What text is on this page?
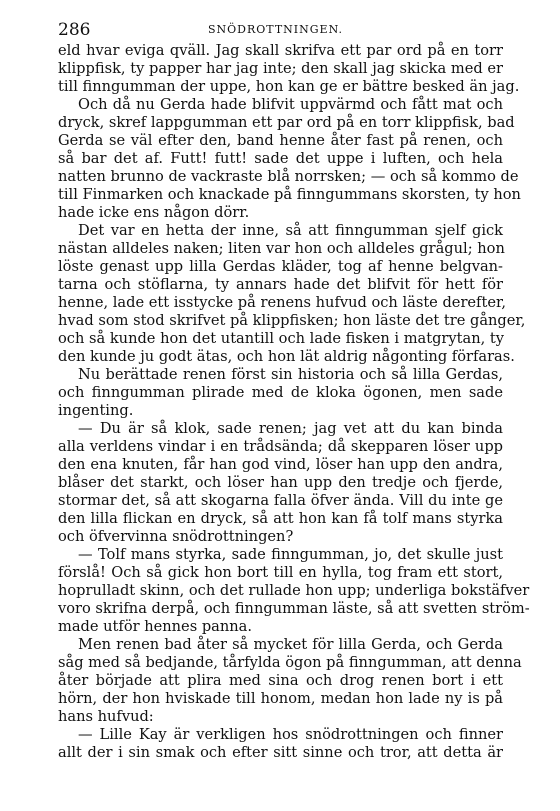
286	SNÖDROTTNINGEN.
eld hvar eviga qväll. Jag skall skrifva ett par ord på en torr
klippfisk, ty papper har jag inte; den skall jag skicka med er
till finngumman der uppe, hon kan ge er bättre besked än jag.
Och då nu Gerda hade blifvit uppvärmd och fått mat och
dryck, skref lappgumman ett par ord på en torr klippfisk, bad
Gerda se väl efter den, band henne åter fast på renen, och
så bar det af. Futt! futt! sade det uppe i luften, och hela
natten brunno de vackraste blå norrsken; — och så kommo de
till Finmarken och knackade på finngummans skorsten, ty hon
hade icke ens någon dörr.
Det var en hetta der inne, så att finngumman sjelf gick
nästan alldeles naken; liten var hon och alldeles grågul; hon
löste genast upp lilla Gerdas kläder, tog af henne belgvan-
tarna och stöflarna, ty annars hade det blifvit för hett för
henne, lade ett isstycke på renens hufvud och läste derefter,
hvad som stod skrifvet på klippfisken; hon läste det tre gånger,
och så kunde hon det utantill och lade fisken i matgrytan, ty
den kunde ju godt ätas, och hon lät aldrig någonting förfaras.
Nu berättade renen först sin historia och så lilla Gerdas,
och finngumman plirade med de kloka ögonen, men sade
ingenting.
— Du är så klok, sade renen; jag vet att du kan binda
alla verldens vindar i en trådsända; då skepparen löser upp
den ena knuten, får han god vind, löser han upp den andra,
blåser det starkt, och löser han upp den tredje och fjerde,
stormar det, så att skogarna falla öfver ända. Vill du inte ge
den lilla flickan en dryck, så att hon kan få tolf mans styrka
och öfvervinna snödrottningen?
— Tolf mans styrka, sade finngumman, jo, det skulle just
förslå! Och så gick hon bort till en hylla, tog fram ett stort,
hoprulladt skinn, och det rullade hon upp; underliga bokstäfver
voro skrifna derpå, och finngumman läste, så att svetten ström-
made utför hennes panna.
Men renen bad åter så mycket för lilla Gerda, och Gerda
såg med så bedjande, tårfylda ögon på finngumman, att denna
åter började att plira med sina och drog renen bort i ett
hörn, der hon hviskade till honom, medan hon lade ny is på
hans hufvud:
— Lille Kay är verkligen hos snödrottningen och finner
allt der i sin smak och efter sitt sinne och tror, att detta är
